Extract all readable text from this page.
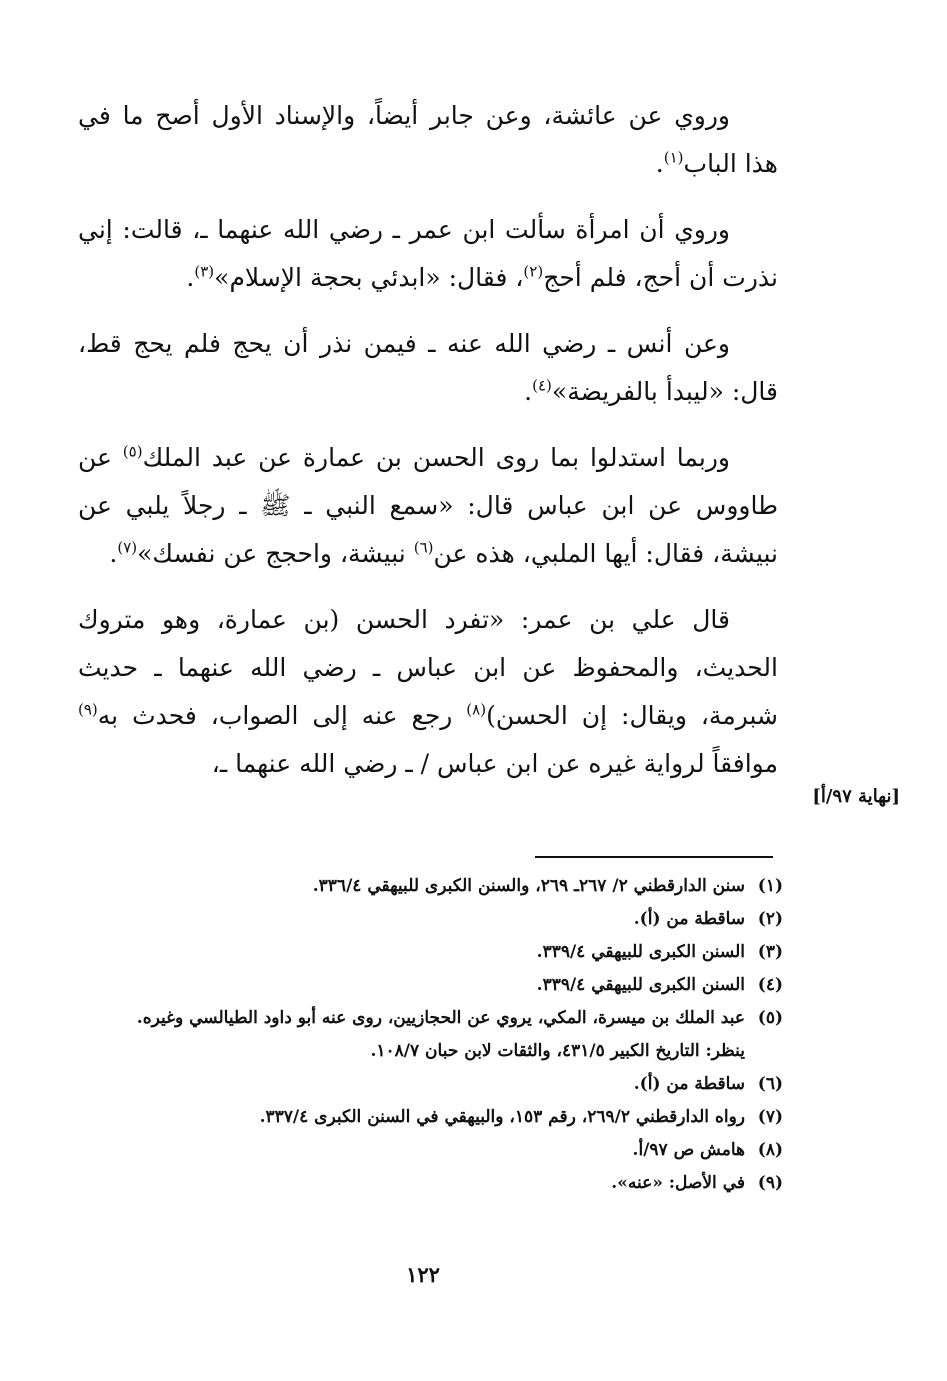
وروي عن عائشة، وعن جابر أيضاً، والإسناد الأول أصح ما في هذا الباب$^{(١)}$.

وروي أن امرأة سألت ابن عمر ـ رضي الله عنهما ـ، قالت: إني نذرت أن أحج، فلم أحج$^{(٢)}$، فقال: «ابدئي بحجة الإسلام»$^{(٣)}$.

وعن أنس ـ رضي الله عنه ـ فيمن نذر أن يحج فلم يحج قط، قال: «ليبدأ بالفريضة»$^{(٤)}$.

وربما استدلوا بما روى الحسن بن عمارة عن عبد الملك$^{(٥)}$ عن طاووس عن ابن عباس قال: «سمع النبي ـ ﷺ ـ رجلاً يلبي عن نبيشة، فقال: أيها الملبي، هذه عن$^{(٦)}$ نبيشة، واحجج عن نفسك»$^{(٧)}$.

قال علي بن عمر: «تفرد الحسن (بن عمارة، وهو متروك الحديث، والمحفوظ عن ابن عباس ـ رضي الله عنهما ـ حديث شبرمة، ويقال: إن الحسن)$^{(٨)}$ رجع عنه إلى الصواب، فحدث به$^{(٩)}$ موافقاً لرواية غيره عن ابن عباس / ـ رضي الله عنهما ـ،

[نهاية ٩٧/أ]
(١)
سنن الدارقطني ٢/ ٢٦٧ـ ٢٦٩، والسنن الكبرى للبيهقي ٣٣٦/٤.
(٢)
ساقطة من (أ).
(٣)
السنن الكبرى للبيهقي ٣٣٩/٤.
(٤)
السنن الكبرى للبيهقي ٣٣٩/٤.
(٥)
عبد الملك بن ميسرة، المكي، يروي عن الحجازيين، روى عنه أبو داود الطيالسي وغيره.
ينظر: التاريخ الكبير ٤٣١/٥، والثقات لابن حبان ١٠٨/٧.
(٦)
ساقطة من (أ).
(٧)
رواه الدارقطني ٢٦٩/٢، رقم ١٥٣، والبيهقي في السنن الكبرى ٣٣٧/٤.
(٨)
هامش ص ٩٧/أ.
(٩)
في الأصل: «عنه».
١٢٢
